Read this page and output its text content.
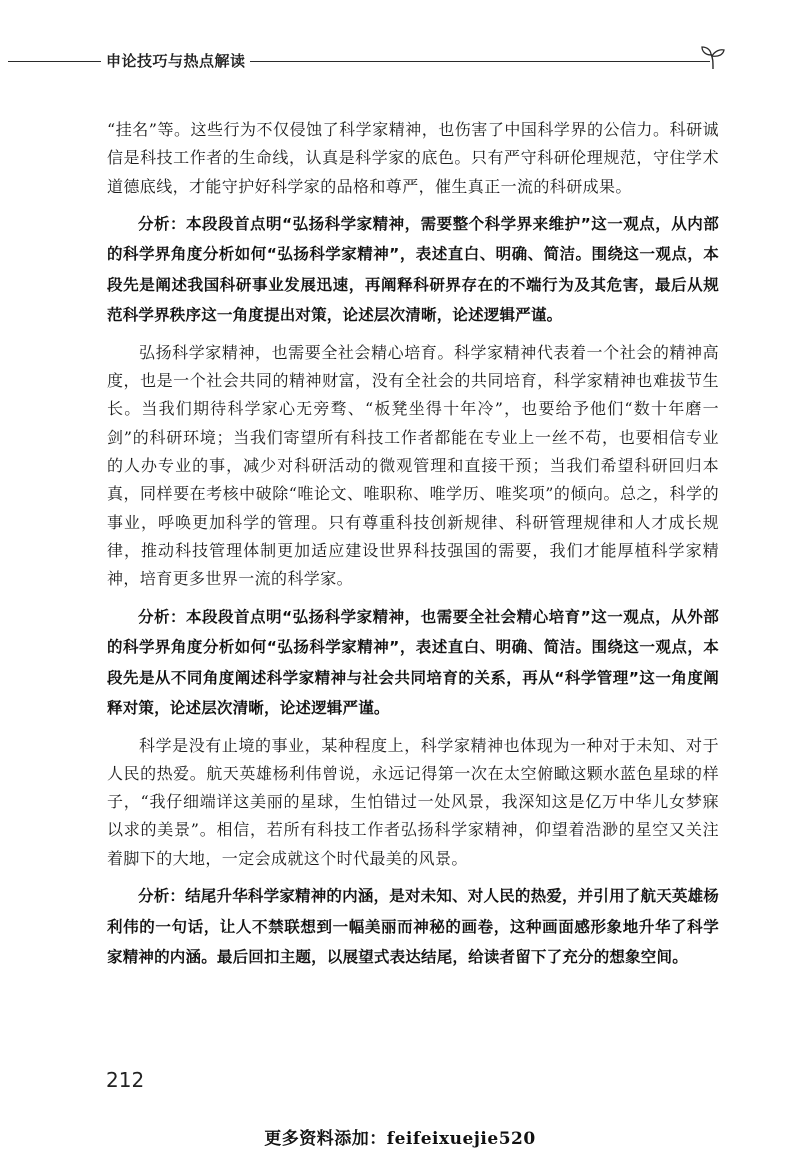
申论技巧与热点解读

“挂名”等。这些行为不仅侵蚀了科学家精神，也伤害了中国科学界的公信力。科研诚信是科技工作者的生命线，认真是科学家的底色。只有严守科研伦理规范，守住学术道德底线，才能守护好科学家的品格和尊严，催生真正一流的科研成果。

分析：本段段首点明“弘扬科学家精神，需要整个科学界来维护”这一观点，从内部的科学界角度分析如何“弘扬科学家精神”，表述直白、明确、简洁。围绕这一观点，本段先是阐述我国科研事业发展迅速，再阐释科研界存在的不端行为及其危害，最后从规范科学界秩序这一角度提出对策，论述层次清晰，论述逻辑严谨。

弘扬科学家精神，也需要全社会精心培育。科学家精神代表着一个社会的精神高度，也是一个社会共同的精神财富，没有全社会的共同培育，科学家精神也难拔节生长。当我们期待科学家心无旁骛、“板凳坐得十年冷”，也要给予他们“数十年磨一剑”的科研环境；当我们寄望所有科技工作者都能在专业上一丝不苟，也要相信专业的人办专业的事，减少对科研活动的微观管理和直接干预；当我们希望科研回归本真，同样要在考核中破除“唯论文、唯职称、唯学历、唯奖项”的倾向。总之，科学的事业，呼唤更加科学的管理。只有尊重科技创新规律、科研管理规律和人才成长规律，推动科技管理体制更加适应建设世界科技强国的需要，我们才能厚植科学家精神，培育更多世界一流的科学家。

分析：本段段首点明“弘扬科学家精神，也需要全社会精心培育”这一观点，从外部的科学界角度分析如何“弘扬科学家精神”，表述直白、明确、简洁。围绕这一观点，本段先是从不同角度阐述科学家精神与社会共同培育的关系，再从“科学管理”这一角度阐释对策，论述层次清晰，论述逻辑严谨。

科学是没有止境的事业，某种程度上，科学家精神也体现为一种对于未知、对于人民的热爱。航天英雄杨利伟曾说，永远记得第一次在太空俯瞰这颗水蓝色星球的样子，“我仔细端详这美丽的星球，生怕错过一处风景，我深知这是亿万中华儿女梦寐以求的美景”。相信，若所有科技工作者弘扬科学家精神，仰望着浩渺的星空又关注着脚下的大地，一定会成就这个时代最美的风景。

分析：结尾升华科学家精神的内涵，是对未知、对人民的热爱，并引用了航天英雄杨利伟的一句话，让人不禁联想到一幅美丽而神秘的画卷，这种画面感形象地升华了科学家精神的内涵。最后回扣主题，以展望式表达结尾，给读者留下了充分的想象空间。

212
更多资料添加：feifeixuejie520
